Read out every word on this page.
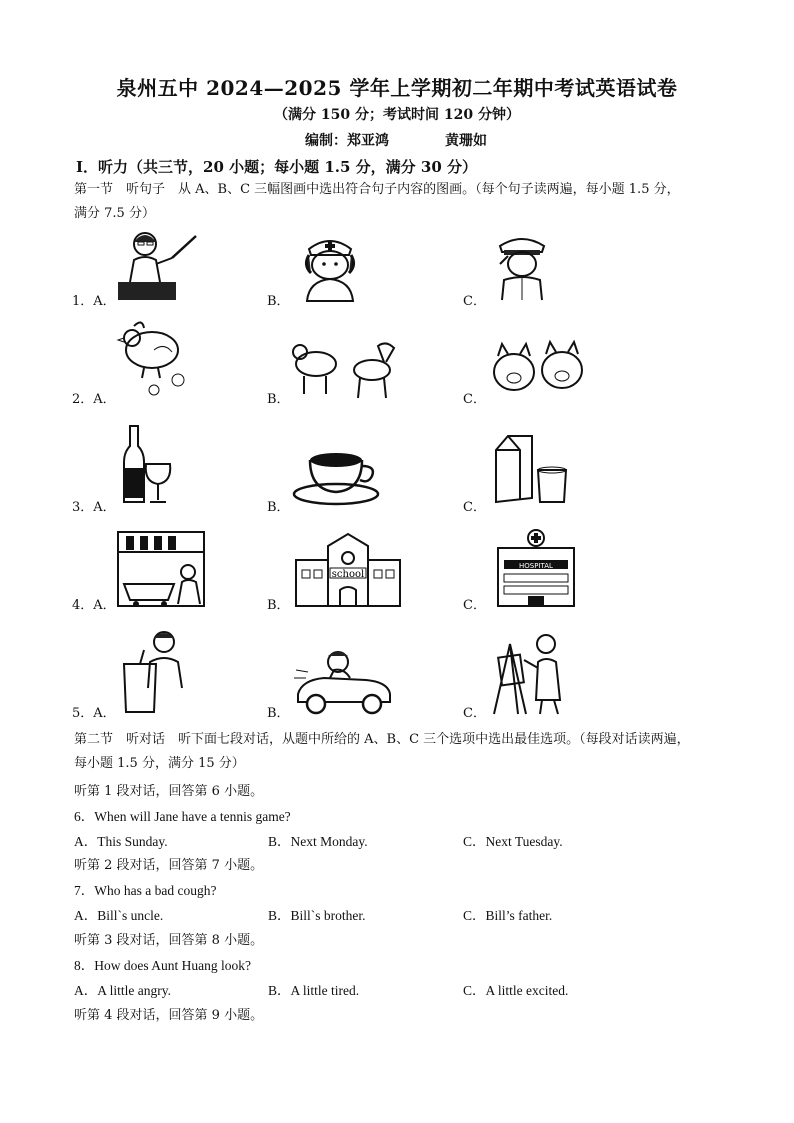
泉州五中 2024—2025 学年上学期初二年期中考试英语试卷
（满分 150 分；考试时间 120 分钟）
编制：郑亚鸿	黄珊如
Ⅰ．听力（共三节，20 小题；每小题 1.5 分，满分 30 分）
第一节　听句子　从 A、B、C 三幅图画中选出符合句子内容的图画。（每个句子读两遍，每小题 1.5 分，
满分 7.5 分）
1．A．	B．	C．
2．A．	B．	C．
3．A．	B．	C．
4．A．	B．	C．
school
HOSPITAL
5．A．	B．	C．
第二节　听对话　听下面七段对话，从题中所给的 A、B、C 三个选项中选出最佳选项。（每段对话读两遍，
每小题 1.5 分，满分 15 分）
听第 1 段对话，回答第 6 小题。
6．When will Jane have a tennis game?
A．This Sunday.	B．Next Monday.	C．Next Tuesday.
听第 2 段对话，回答第 7 小题。
7．Who has a bad cough?
A．Bill`s uncle.	B．Bill`s brother.	C．Bill’s father.
听第 3 段对话，回答第 8 小题。
8．How does Aunt Huang look?
A．A little angry.	B．A little tired.	C．A little excited.
听第 4 段对话，回答第 9 小题。
